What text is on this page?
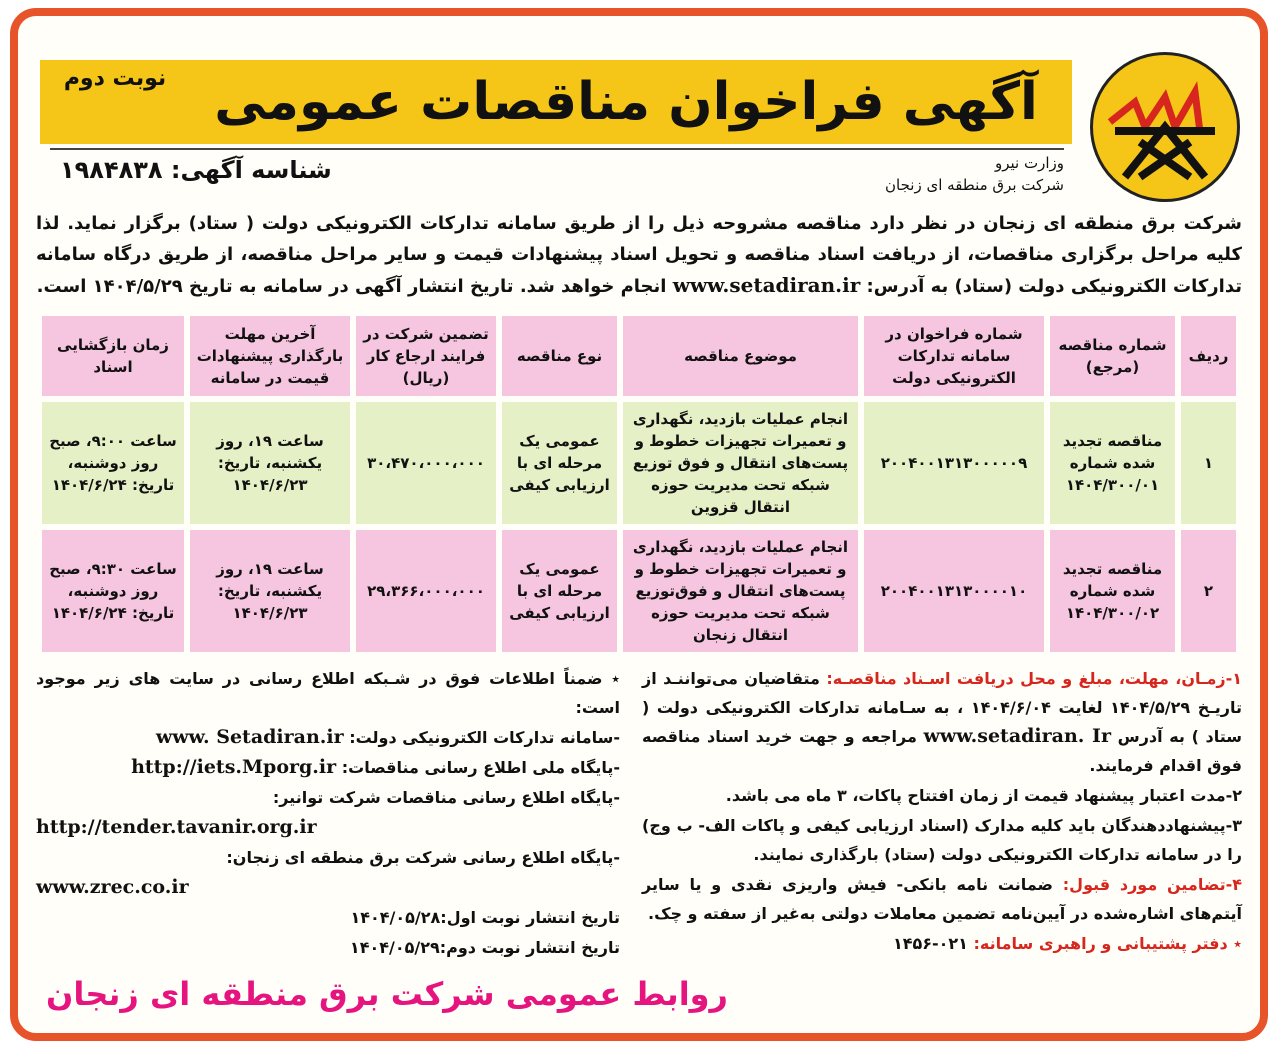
آگهی فراخوان مناقصات عمومی
نوبت دوم
وزارت نیرو
شرکت برق منطقه ای زنجان
شناسه آگهی: ۱۹۸۴۸۳۸
شرکت برق منطقه ای زنجان در نظر دارد مناقصه مشروحه ذیل را از طریق سامانه تدارکات الکترونیکی دولت ( ستاد) برگزار نماید. لذا کلیه مراحل برگزاری مناقصات، از دریافت اسناد مناقصه و تحویل اسناد پیشنهادات قیمت و سایر مراحل مناقصه، از طریق درگاه سامانه تدارکات الکترونیکی دولت (ستاد) به آدرس: www.setadiran.ir انجام خواهد شد. تاریخ انتشار آگهی در سامانه به تاریخ ۱۴۰۴/۵/۲۹ است.
ردیف	شماره مناقصه (مرجع)	شماره فراخوان در سامانه تدارکات الکترونیکی دولت	موضوع مناقصه	نوع مناقصه	تضمین شرکت در فرایند ارجاع کار (ریال)	آخرین مهلت بارگذاری پیشنهادات قیمت در سامانه	زمان بازگشایی اسناد
۱	مناقصه تجدید شده شماره ۱۴۰۴/۳۰۰/۰۱	۲۰۰۴۰۰۱۳۱۳۰۰۰۰۰۹	انجام عملیات بازدید، نگهداری و تعمیرات تجهیزات خطوط و پست‌های انتقال و فوق توزیع شبکه تحت مدیریت حوزه انتقال قزوین	عمومی یک مرحله ای با ارزیابی کیفی	۳۰،۴۷۰،۰۰۰،۰۰۰	ساعت ۱۹، روز یکشنبه، تاریخ: ۱۴۰۴/۶/۲۳	ساعت ۹:۰۰، صبح روز دوشنبه، تاریخ: ۱۴۰۴/۶/۲۴
۲	مناقصه تجدید شده شماره ۱۴۰۴/۳۰۰/۰۲	۲۰۰۴۰۰۱۳۱۳۰۰۰۰۱۰	انجام عملیات بازدید، نگهداری و تعمیرات تجهیزات خطوط و پست‌های انتقال و فوق‌توزیع شبکه تحت مدیریت حوزه انتقال زنجان	عمومی یک مرحله ای با ارزیابی کیفی	۲۹،۳۶۶،۰۰۰،۰۰۰	ساعت ۱۹، روز یکشنبه، تاریخ: ۱۴۰۴/۶/۲۳	ساعت ۹:۳۰، صبح روز دوشنبه، تاریخ: ۱۴۰۴/۶/۲۴
۱-زمـان، مهلت، مبلغ و محل دریافت اسـناد مناقصـه: متقاضیان می‌تواننـد از تاریـخ ۱۴۰۴/۵/۲۹ لغایت ۱۴۰۴/۶/۰۴ ، به سـامانه تدارکات الکترونیکی دولت ( ستاد ) به آدرس www.setadiran. Ir مراجعه و جهت خرید اسناد مناقصه فوق اقدام فرمایند.
۲-مدت اعتبار پیشنهاد قیمت از زمان افتتاح پاکات، ۳ ماه می باشد.
۳-پیشنهاددهندگان باید کلیه مدارک (اسناد ارزیابی کیفی و پاکات الف- ب وج) را در سامانه تدارکات الکترونیکی دولت (ستاد) بارگذاری نمایند.
۴-تضامین مورد قبول: ضمانت نامه بانکی- فیش واریزی نقدی و یا سایر آیتم‌های اشاره‌شده در آیین‌نامه تضمین معاملات دولتی به‌غیر از سفته و چک.
٭ دفتر پشتیبانی و راهبری سامانه: ۰۲۱-۱۴۵۶
٭ ضمناً اطلاعات فوق در شـبکه اطلاع رسانی در سایت های زیر موجود است:
-سامانه تدارکات الکترونیکی دولت: www. Setadiran.ir
-پایگاه ملی اطلاع رسانی مناقصات: http://iets.Mporg.ir
-پایگاه اطلاع رسانی مناقصات شرکت توانیر:
http://tender.tavanir.org.ir
-پایگاه اطلاع رسانی شرکت برق منطقه ای زنجان:
www.zrec.co.ir
تاریخ انتشار نوبت اول:۱۴۰۴/۰۵/۲۸
تاریخ انتشار نوبت دوم:۱۴۰۴/۰۵/۲۹
روابط عمومی شرکت برق منطقه ای زنجان
